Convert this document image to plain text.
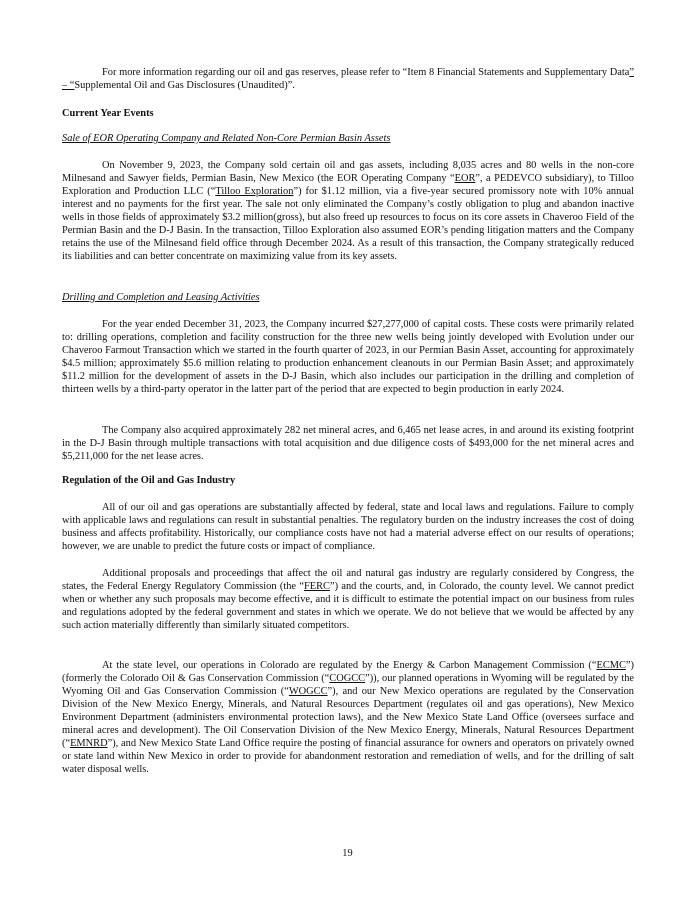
For more information regarding our oil and gas reserves, please refer to “Item 8 Financial Statements and Supplementary Data” – “Supplemental Oil and Gas Disclosures (Unaudited)”.

Current Year Events
Sale of EOR Operating Company and Related Non-Core Permian Basin Assets

On November 9, 2023, the Company sold certain oil and gas assets, including 8,035 acres and 80 wells in the non-core Milnesand and Sawyer fields, Permian Basin, New Mexico (the EOR Operating Company “EOR”, a PEDEVCO subsidiary), to Tilloo Exploration and Production LLC (“Tilloo Exploration”) for $1.12 million, via a five-year secured promissory note with 10% annual interest and no payments for the first year. The sale not only eliminated the Company’s costly obligation to plug and abandon inactive wells in those fields of approximately $3.2 million(gross), but also freed up resources to focus on its core assets in Chaveroo Field of the Permian Basin and the D-J Basin. In the transaction, Tilloo Exploration also assumed EOR’s pending litigation matters and the Company retains the use of the Milnesand field office through December 2024. As a result of this transaction, the Company strategically reduced its liabilities and can better concentrate on maximizing value from its key assets.

Drilling and Completion and Leasing Activities

For the year ended December 31, 2023, the Company incurred $27,277,000 of capital costs. These costs were primarily related to: drilling operations, completion and facility construction for the three new wells being jointly developed with Evolution under our Chaveroo Farmout Transaction which we started in the fourth quarter of 2023, in our Permian Basin Asset, accounting for approximately $4.5 million; approximately $5.6 million relating to production enhancement cleanouts in our Permian Basin Asset; and approximately $11.2 million for the development of assets in the D-J Basin, which also includes our participation in the drilling and completion of thirteen wells by a third-party operator in the latter part of the period that are expected to begin production in early 2024.

The Company also acquired approximately 282 net mineral acres, and 6,465 net lease acres, in and around its existing footprint in the D-J Basin through multiple transactions with total acquisition and due diligence costs of $493,000 for the net mineral acres and $5,211,000 for the net lease acres.

Regulation of the Oil and Gas Industry

All of our oil and gas operations are substantially affected by federal, state and local laws and regulations. Failure to comply with applicable laws and regulations can result in substantial penalties. The regulatory burden on the industry increases the cost of doing business and affects profitability. Historically, our compliance costs have not had a material adverse effect on our results of operations; however, we are unable to predict the future costs or impact of compliance.

Additional proposals and proceedings that affect the oil and natural gas industry are regularly considered by Congress, the states, the Federal Energy Regulatory Commission (the “FERC”) and the courts, and, in Colorado, the county level. We cannot predict when or whether any such proposals may become effective, and it is difficult to estimate the potential impact on our business from rules and regulations adopted by the federal government and states in which we operate. We do not believe that we would be affected by any such action materially differently than similarly situated competitors.

At the state level, our operations in Colorado are regulated by the Energy & Carbon Management Commission (“ECMC”) (formerly the Colorado Oil & Gas Conservation Commission (“COGCC”)), our planned operations in Wyoming will be regulated by the Wyoming Oil and Gas Conservation Commission (“WOGCC”), and our New Mexico operations are regulated by the Conservation Division of the New Mexico Energy, Minerals, and Natural Resources Department (regulates oil and gas operations), New Mexico Environment Department (administers environmental protection laws), and the New Mexico State Land Office (oversees surface and mineral acres and development). The Oil Conservation Division of the New Mexico Energy, Minerals, Natural Resources Department (“EMNRD”), and New Mexico State Land Office require the posting of financial assurance for owners and operators on privately owned or state land within New Mexico in order to provide for abandonment restoration and remediation of wells, and for the drilling of salt water disposal wells.

19
